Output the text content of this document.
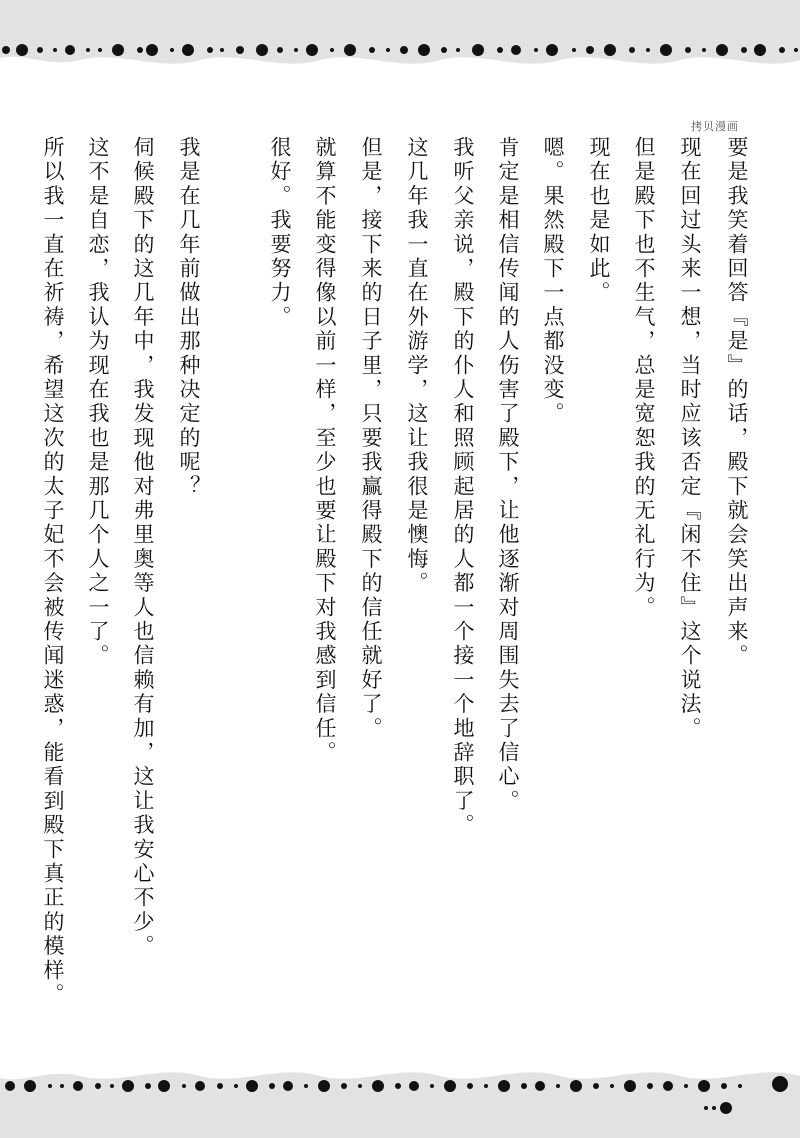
拷贝漫画
要是我笑着回答『是』的话，殿下就会笑出声来。
现在回过头来一想，当时应该否定『闲不住』这个说法。
但是殿下也不生气，总是宽恕我的无礼行为。
现在也是如此。
嗯。果然殿下一点都没变。
肯定是相信传闻的人伤害了殿下，让他逐渐对周围失去了信心。
我听父亲说，殿下的仆人和照顾起居的人都一个接一个地辞职了。
这几年我一直在外游学，这让我很是懊悔。
但是，接下来的日子里，只要我赢得殿下的信任就好了。
就算不能变得像以前一样，至少也要让殿下对我感到信任。
很好。我要努力。
我是在几年前做出那种决定的呢？
伺候殿下的这几年中，我发现他对弗里奥等人也信赖有加，这让我安心不少。
这不是自恋，我认为现在我也是那几个人之一了。
所以我一直在祈祷，希望这次的太子妃不会被传闻迷惑，能看到殿下真正的模样。
